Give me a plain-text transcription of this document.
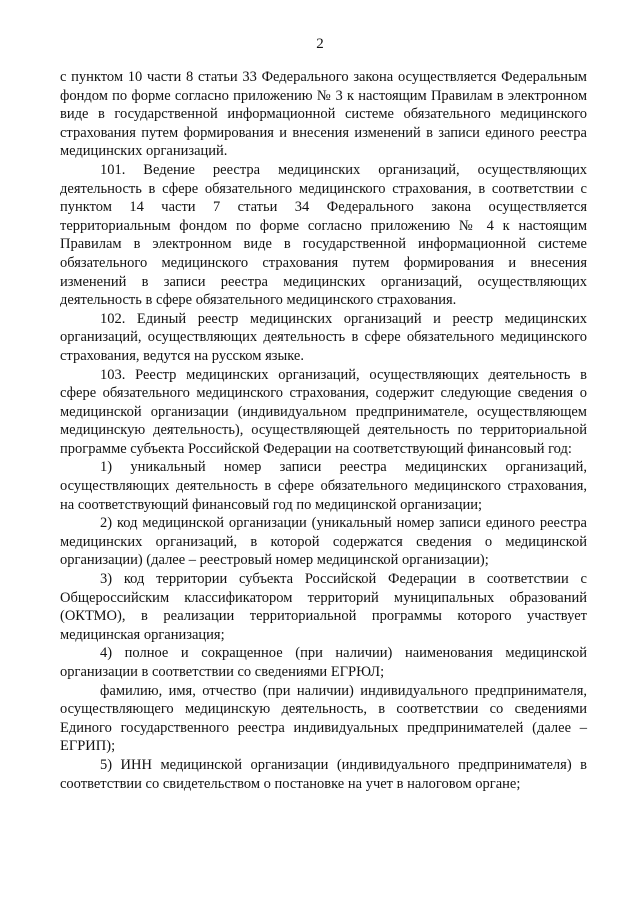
2

с пунктом 10 части 8 статьи 33 Федерального закона осуществляется Федеральным фондом по форме согласно приложению № 3 к настоящим Правилам в электронном виде в государственной информационной системе обязательного медицинского страхования путем формирования и внесения изменений в записи единого реестра медицинских организаций.

101. Ведение реестра медицинских организаций, осуществляющих деятельность в сфере обязательного медицинского страхования, в соответствии с пунктом 14 части 7 статьи 34 Федерального закона осуществляется территориальным фондом по форме согласно приложению № 4 к настоящим Правилам в электронном виде в государственной информационной системе обязательного медицинского страхования путем формирования и внесения изменений в записи реестра медицинских организаций, осуществляющих деятельность в сфере обязательного медицинского страхования.

102. Единый реестр медицинских организаций и реестр медицинских организаций, осуществляющих деятельность в сфере обязательного медицинского страхования, ведутся на русском языке.

103. Реестр медицинских организаций, осуществляющих деятельность в сфере обязательного медицинского страхования, содержит следующие сведения о медицинской организации (индивидуальном предпринимателе, осуществляющем медицинскую деятельность), осуществляющей деятельность по территориальной программе субъекта Российской Федерации на соответствующий финансовый год:

1) уникальный номер записи реестра медицинских организаций, осуществляющих деятельность в сфере обязательного медицинского страхования, на соответствующий финансовый год по медицинской организации;

2) код медицинской организации (уникальный номер записи единого реестра медицинских организаций, в которой содержатся сведения о медицинской организации) (далее – реестровый номер медицинской организации);

3) код территории субъекта Российской Федерации в соответствии с Общероссийским классификатором территорий муниципальных образований (ОКТМО), в реализации территориальной программы которого участвует медицинская организация;

4) полное и сокращенное (при наличии) наименования медицинской организации в соответствии со сведениями ЕГРЮЛ;

фамилию, имя, отчество (при наличии) индивидуального предпринимателя, осуществляющего медицинскую деятельность, в соответствии со сведениями Единого государственного реестра индивидуальных предпринимателей (далее – ЕГРИП);

5) ИНН медицинской организации (индивидуального предпринимателя) в соответствии со свидетельством о постановке на учет в налоговом органе;
